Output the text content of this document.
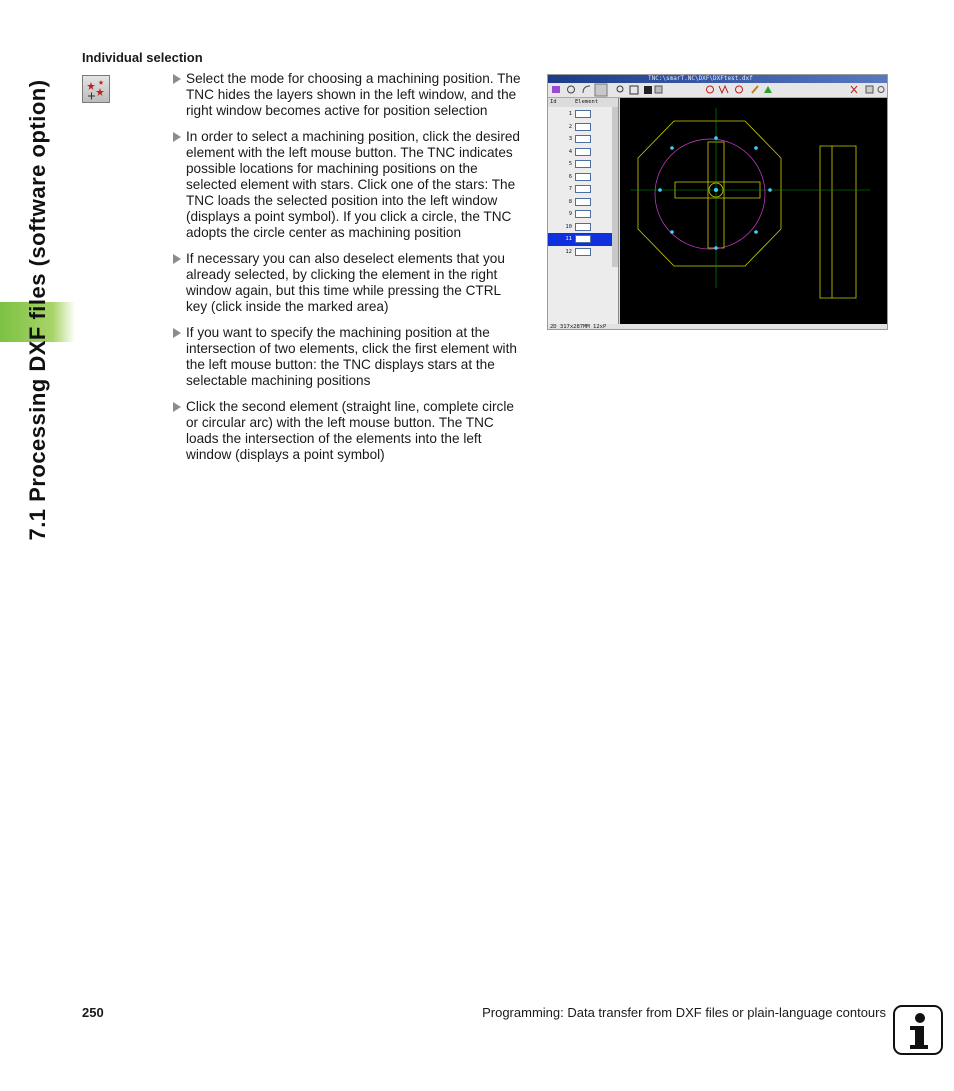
7.1 Processing DXF files (software option)
Individual selection
Select the mode for choosing a machining position. The TNC hides the layers shown in the left window, and the right window becomes active for position selection
In order to select a machining position, click the desired element with the left mouse button. The TNC indicates possible locations for machining positions on the selected element with stars. Click one of the stars: The TNC loads the selected position into the left window (displays a point symbol). If you click a circle, the TNC adopts the circle center as machining position
If necessary you can also deselect elements that you already selected, by clicking the element in the right window again, but this time while pressing the CTRL key (click inside the marked area)
If you want to specify the machining position at the intersection of two elements, click the first element with the left mouse button: the TNC displays stars at the selectable machining positions
Click the second element (straight line, complete circle or circular arc) with the left mouse button. The TNC loads the intersection of the elements into the left window (displays a point symbol)
TNC:\smarT.NC\DXF\DXFtest.dxf
Id	Element
1
2
3
4
5
6
7
8
9
10
11
12
2D 317x287MM 12xP
250	Programming: Data transfer from DXF files or plain-language contours
